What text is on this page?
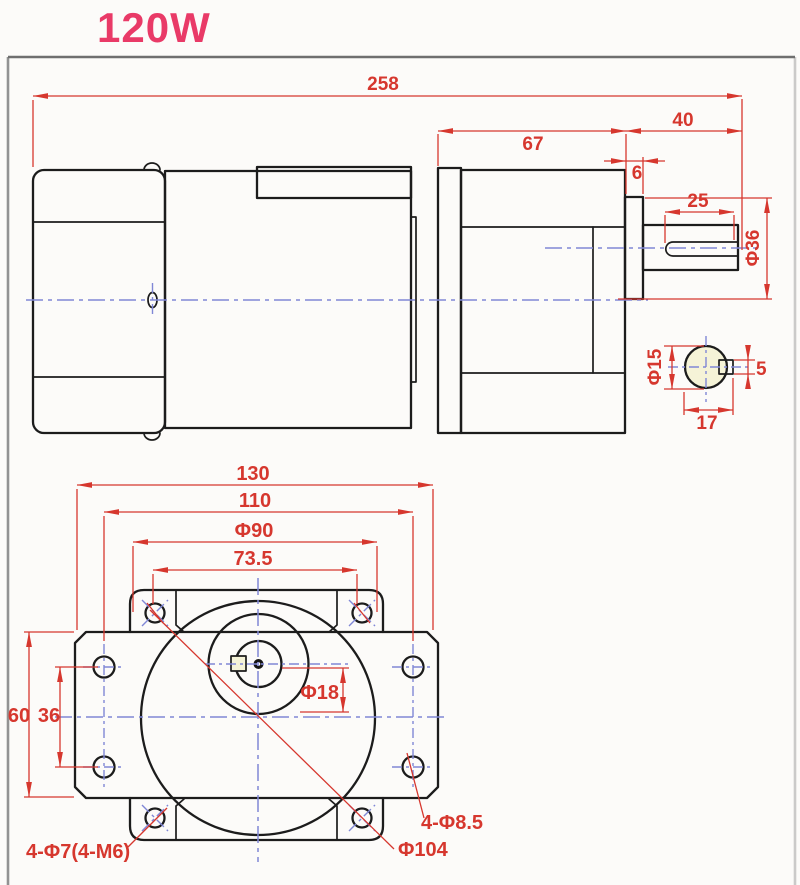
120W
258
67
40
6
25
Φ36
Φ15	5
17
130
110
Φ90
73.5
60 36
Φ18
4-Φ8.5
Φ104
4-Φ7(4-M6)
